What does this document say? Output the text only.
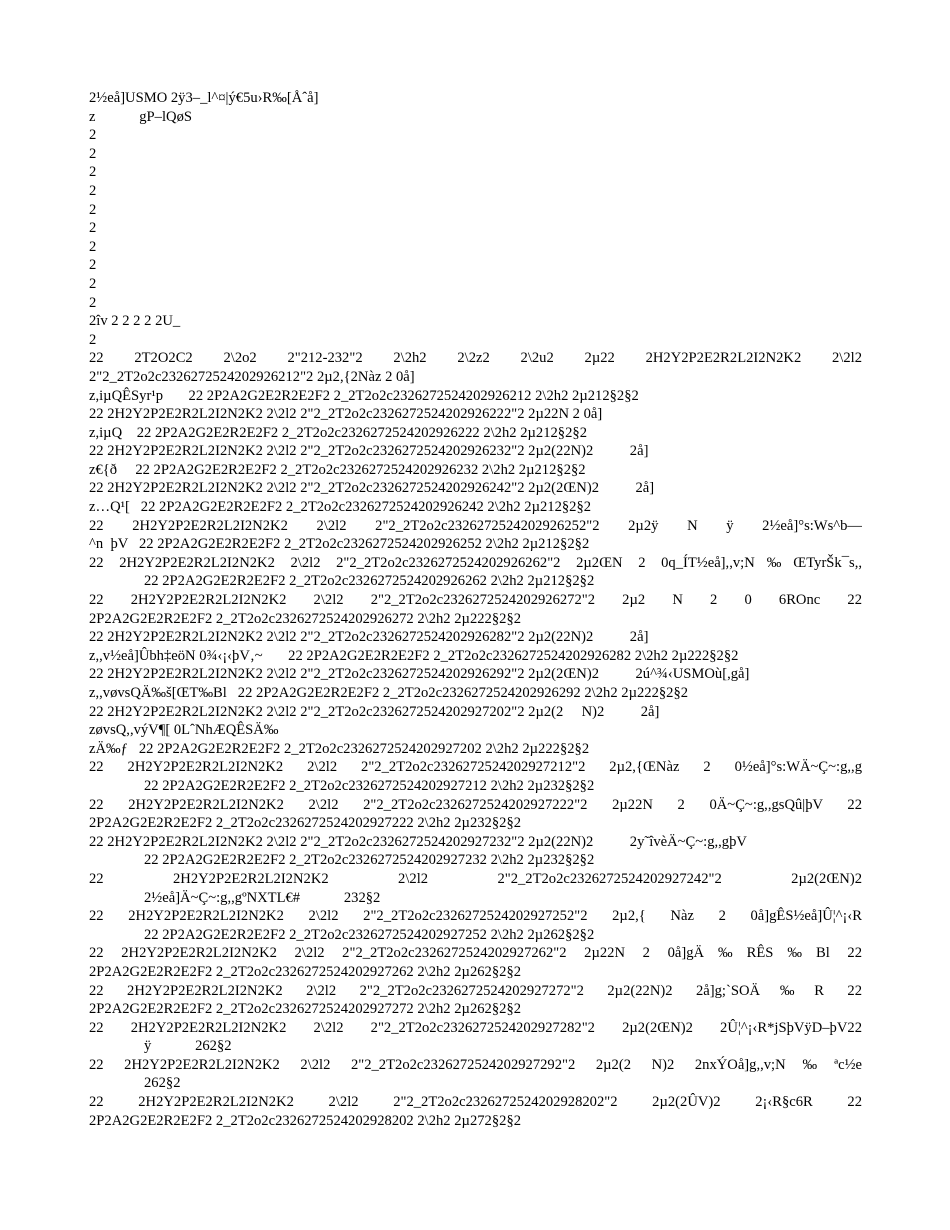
2½eå]USMO 2ÿ3–_l^¤|ý€5u›R‰[Åˆå]
z            gP–lQøS
2
2
2
2
2
2
2
2
2
2
2îv 2 2 2 2 2U_
2
22 2T2O2C2 2\2o2 2"212-232"2 2\2h2 2\2z2 2\2u2 2µ22 2H2Y2P2E2R2L2I2N2K2 2\2l2
2"2_2T2o2c2326272524202926212"2 2µ2,{2Nàz 2 0å]
z,iµQÊSyr¹p       22 2P2A2G2E2R2E2F2 2_2T2o2c2326272524202926212 2\2h2 2µ212§2§2
22 2H2Y2P2E2R2L2I2N2K2 2\2l2 2"2_2T2o2c2326272524202926222"2 2µ22N 2 0å]
z,iµQ    22 2P2A2G2E2R2E2F2 2_2T2o2c2326272524202926222 2\2h2 2µ212§2§2
22 2H2Y2P2E2R2L2I2N2K2 2\2l2 2"2_2T2o2c2326272524202926232"2 2µ2(22N)2          2å]
z€{ð     22 2P2A2G2E2R2E2F2 2_2T2o2c2326272524202926232 2\2h2 2µ212§2§2
22 2H2Y2P2E2R2L2I2N2K2 2\2l2 2"2_2T2o2c2326272524202926242"2 2µ2(2ŒN)2          2å]
z…Q¹[   22 2P2A2G2E2R2E2F2 2_2T2o2c2326272524202926242 2\2h2 2µ212§2§2
22 2H2Y2P2E2R2L2I2N2K2 2\2l2 2"2_2T2o2c2326272524202926252"2 2µ2ÿ N ÿ 2½eå]°s:Ws^b—
^n  þV   22 2P2A2G2E2R2E2F2 2_2T2o2c2326272524202926252 2\2h2 2µ212§2§2
22 2H2Y2P2E2R2L2I2N2K2 2\2l2 2"2_2T2o2c2326272524202926262"2 2µ2ŒN 2 0q_ÍT½eå],,v;N‰ŒTyrŠk¯s,,
22 2P2A2G2E2R2E2F2 2_2T2o2c2326272524202926262 2\2h2 2µ212§2§2
22 2H2Y2P2E2R2L2I2N2K2 2\2l2 2"2_2T2o2c2326272524202926272"2 2µ2 N 2 0 6ROnc 22
2P2A2G2E2R2E2F2 2_2T2o2c2326272524202926272 2\2h2 2µ222§2§2
22 2H2Y2P2E2R2L2I2N2K2 2\2l2 2"2_2T2o2c2326272524202926282"2 2µ2(22N)2          2å]
z,,v½eå]Ûbh‡eöN 0¾‹¡‹þV‚~       22 2P2A2G2E2R2E2F2 2_2T2o2c2326272524202926282 2\2h2 2µ222§2§2
22 2H2Y2P2E2R2L2I2N2K2 2\2l2 2"2_2T2o2c2326272524202926292"2 2µ2(2ŒN)2          2ú^¾‹USMOù[,gå]
z,,vøvsQÄ‰š[ŒT‰Bl   22 2P2A2G2E2R2E2F2 2_2T2o2c2326272524202926292 2\2h2 2µ222§2§2
22 2H2Y2P2E2R2L2I2N2K2 2\2l2 2"2_2T2o2c2326272524202927202"2 2µ2(2     N)2          2å]
zøvsQ,,výV¶[ 0LˆNhÆQÊSÄ‰
zÄ‰ƒ   22 2P2A2G2E2R2E2F2 2_2T2o2c2326272524202927202 2\2h2 2µ222§2§2
22 2H2Y2P2E2R2L2I2N2K2 2\2l2 2"2_2T2o2c2326272524202927212"2 2µ2,{ŒNàz 2 0½eå]°s:WÄ~Ç~:g,,g
22 2P2A2G2E2R2E2F2 2_2T2o2c2326272524202927212 2\2h2 2µ232§2§2
22 2H2Y2P2E2R2L2I2N2K2 2\2l2 2"2_2T2o2c2326272524202927222"2 2µ22N 2 0Ä~Ç~:g,,gsQû|þV 22
2P2A2G2E2R2E2F2 2_2T2o2c2326272524202927222 2\2h2 2µ232§2§2
22 2H2Y2P2E2R2L2I2N2K2 2\2l2 2"2_2T2o2c2326272524202927232"2 2µ2(22N)2          2y˜îvèÄ~Ç~:g,,gþV
22 2P2A2G2E2R2E2F2 2_2T2o2c2326272524202927232 2\2h2 2µ232§2§2
22 2H2Y2P2E2R2L2I2N2K2 2\2l2 2"2_2T2o2c2326272524202927242"2 2µ2(2ŒN)2
2½eå]Ä~Ç~:g,,gºNXTL€#            232§2
22 2H2Y2P2E2R2L2I2N2K2 2\2l2 2"2_2T2o2c2326272524202927252"2 2µ2,{ Nàz 2 0å]gÊS½eå]Û¦^¡‹R
22 2P2A2G2E2R2E2F2 2_2T2o2c2326272524202927252 2\2h2 2µ262§2§2
22 2H2Y2P2E2R2L2I2N2K2 2\2l2 2"2_2T2o2c2326272524202927262"2 2µ22N 2 0å]gÄ‰RÊS‰Bl 22
2P2A2G2E2R2E2F2 2_2T2o2c2326272524202927262 2\2h2 2µ262§2§2
22 2H2Y2P2E2R2L2I2N2K2 2\2l2 2"2_2T2o2c2326272524202927272"2 2µ2(22N)2 2å]g;`SOÄ‰R 22
2P2A2G2E2R2E2F2 2_2T2o2c2326272524202927272 2\2h2 2µ262§2§2
22 2H2Y2P2E2R2L2I2N2K2 2\2l2 2"2_2T2o2c2326272524202927282"2 2µ2(2ŒN)2 2Û¦^¡‹R*jSþVÿD–þV22
ÿ            262§2
22 2H2Y2P2E2R2L2I2N2K2 2\2l2 2"2_2T2o2c2326272524202927292"2 2µ2(2 N)2 2nxÝOå]g,,v;N‰ªc½e
262§2
22 2H2Y2P2E2R2L2I2N2K2 2\2l2 2"2_2T2o2c2326272524202928202"2 2µ2(2ÛV)2 2¡‹R§c6R 22
2P2A2G2E2R2E2F2 2_2T2o2c2326272524202928202 2\2h2 2µ272§2§2
